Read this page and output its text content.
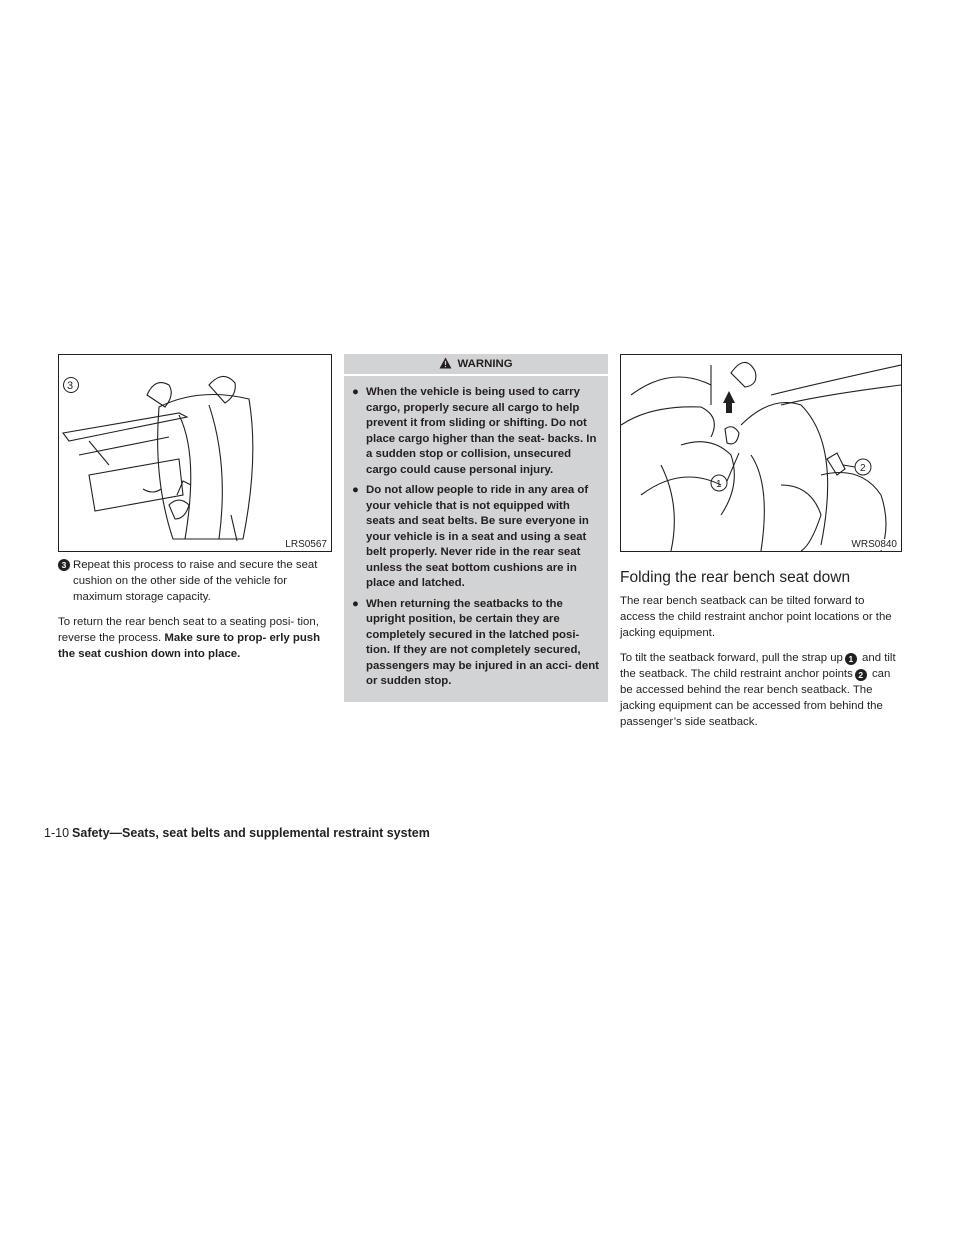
3
LRS0567

3 Repeat this process to raise and secure the seat cushion on the other side of the vehicle for maximum storage capacity.

To return the rear bench seat to a seating posi- tion, reverse the process. Make sure to prop- erly push the seat cushion down into place.

WARNING
● When the vehicle is being used to carry cargo, properly secure all cargo to help prevent it from sliding or shifting. Do not place cargo higher than the seat- backs. In a sudden stop or collision, unsecured cargo could cause personal injury.
● Do not allow people to ride in any area of your vehicle that is not equipped with seats and seat belts. Be sure everyone in your vehicle is in a seat and using a seat belt properly. Never ride in the rear seat unless the seat bottom cushions are in place and latched.
● When returning the seatbacks to the upright position, be certain they are completely secured in the latched posi- tion. If they are not completely secured, passengers may be injured in an acci- dent or sudden stop.
1
2
WRS0840
Folding the rear bench seat down

The rear bench seatback can be tilted forward to access the child restraint anchor point locations or the jacking equipment.

To tilt the seatback forward, pull the strap up 1 and tilt the seatback. The child restraint anchor points 2 can be accessed behind the rear bench seatback. The jacking equipment can be accessed from behind the passenger’s side seatback.

1-10 Safety—Seats, seat belts and supplemental restraint system
